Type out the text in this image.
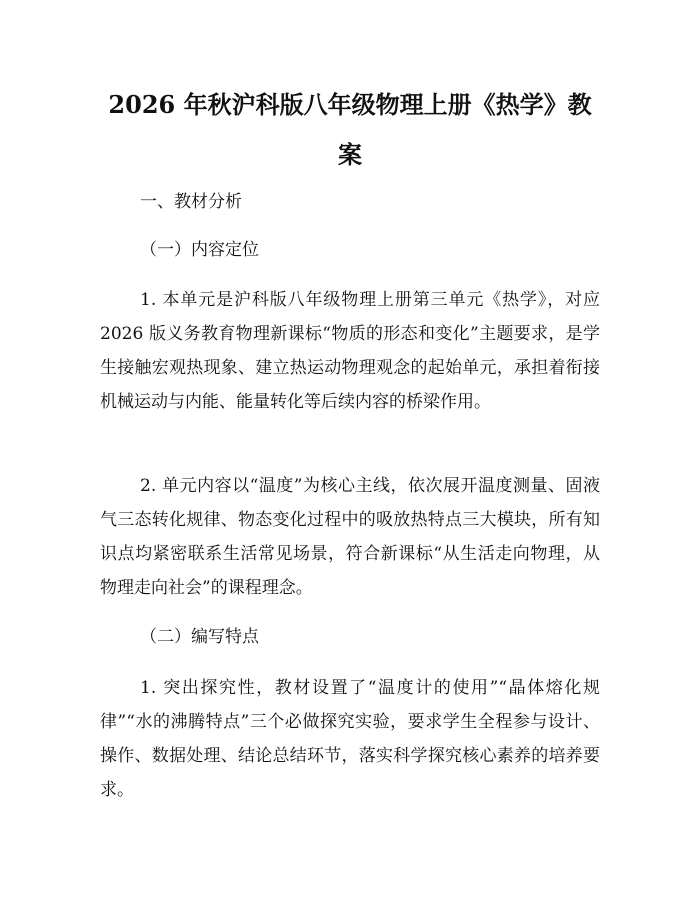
2026 年秋沪科版八年级物理上册《热学》教案

一、教材分析

（一）内容定位

1. 本单元是沪科版八年级物理上册第三单元《热学》，对应 2026 版义务教育物理新课标“物质的形态和变化”主题要求，是学生接触宏观热现象、建立热运动物理观念的起始单元，承担着衔接机械运动与内能、能量转化等后续内容的桥梁作用。

2. 单元内容以“温度”为核心主线，依次展开温度测量、固液气三态转化规律、物态变化过程中的吸放热特点三大模块，所有知识点均紧密联系生活常见场景，符合新课标“从生活走向物理，从物理走向社会”的课程理念。

（二）编写特点

1. 突出探究性，教材设置了“温度计的使用”“晶体熔化规律”“水的沸腾特点”三个必做探究实验，要求学生全程参与设计、操作、数据处理、结论总结环节，落实科学探究核心素养的培养要求。
